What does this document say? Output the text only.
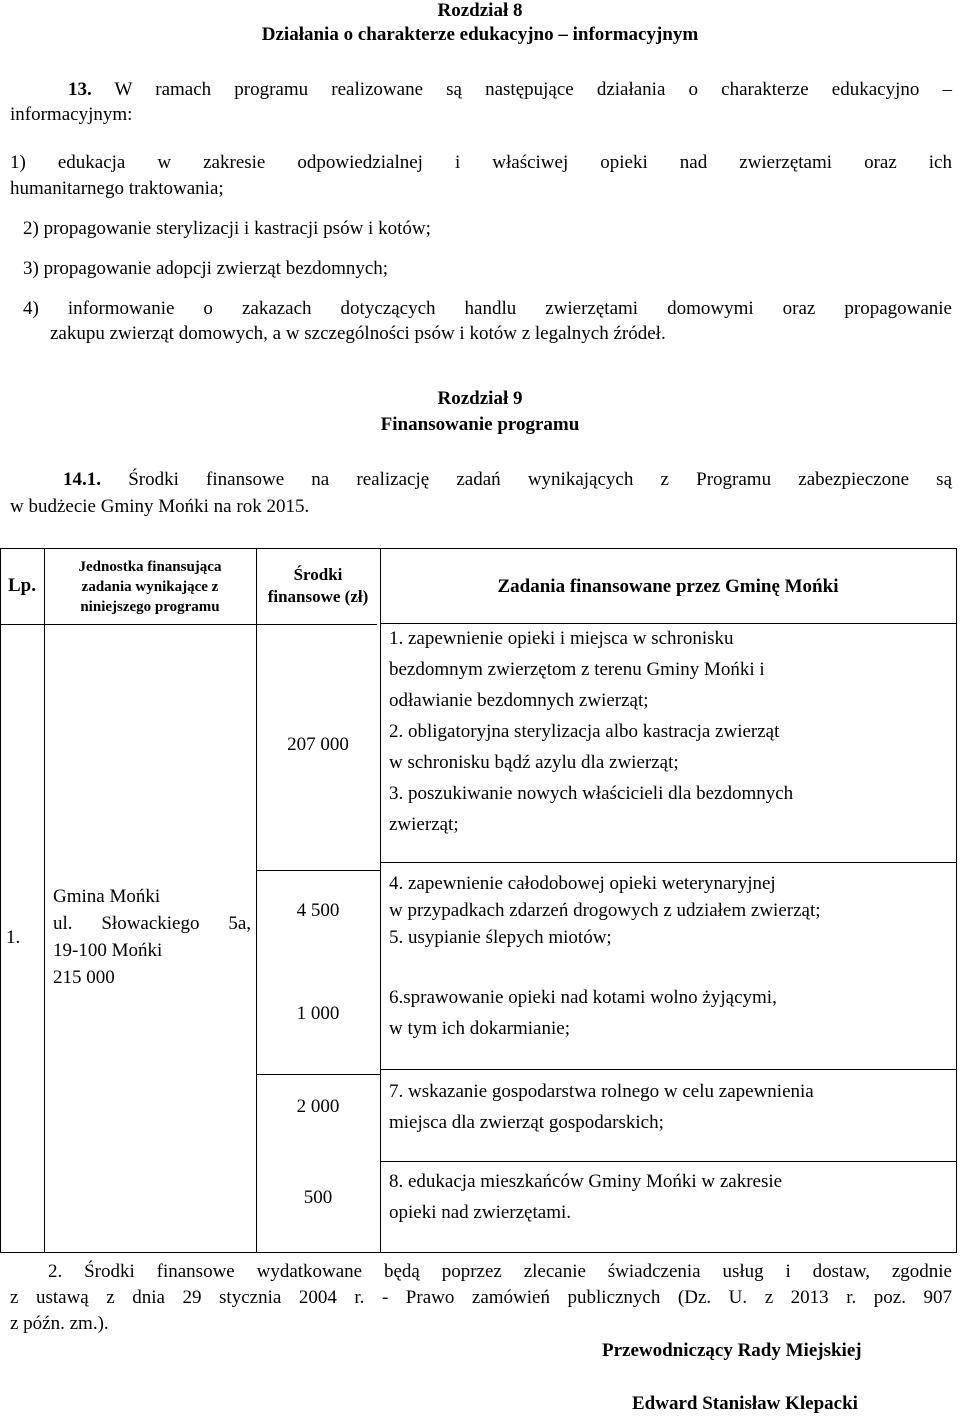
Rozdział 8
Działania o charakterze edukacyjno – informacyjnym
13. W ramach programu realizowane są następujące działania o charakterze edukacyjno –
informacyjnym:
1) edukacja w zakresie odpowiedzialnej i właściwej opieki nad zwierzętami oraz ich
humanitarnego traktowania;
2) propagowanie sterylizacji i kastracji psów i kotów;
3) propagowanie adopcji zwierząt bezdomnych;
4) informowanie o zakazach dotyczących handlu zwierzętami domowymi oraz propagowanie
zakupu zwierząt domowych, a w szczególności psów i kotów z legalnych źródeł.
Rozdział 9
Finansowanie programu
14.1. Środki finansowe na realizację zadań wynikających z Programu zabezpieczone są
w budżecie Gminy Mońki na rok 2015.
Lp.
Jednostka finansująca
zadania wynikające z
niniejszego programu
Środki
finansowe (zł)	Zadania finansowane przez Gminę Mońki
1.
Gmina Mońki
ul. Słowackiego 5a,
19-100 Mońki
215 000
207 000
4 500
1 000
2 000
500
1. zapewnienie opieki i miejsca w schronisku
bezdomnym zwierzętom z terenu Gminy Mońki i
odławianie bezdomnych zwierząt;
2. obligatoryjna sterylizacja albo kastracja zwierząt
w schronisku bądź azylu dla zwierząt;
3. poszukiwanie nowych właścicieli dla bezdomnych
zwierząt;
4. zapewnienie całodobowej opieki weterynaryjnej
w przypadkach zdarzeń drogowych z udziałem zwierząt;
5. usypianie ślepych miotów;
6.sprawowanie opieki nad kotami wolno żyjącymi,
w tym ich dokarmianie;
7. wskazanie gospodarstwa rolnego w celu zapewnienia
miejsca dla zwierząt gospodarskich;
8. edukacja mieszkańców Gminy Mońki w zakresie
opieki nad zwierzętami.
2. Środki finansowe wydatkowane będą poprzez zlecanie świadczenia usług i dostaw, zgodnie
z ustawą z dnia 29 stycznia 2004 r. - Prawo zamówień publicznych (Dz. U. z 2013 r. poz. 907
z późn. zm.).
Przewodniczący Rady Miejskiej
Edward Stanisław Klepacki
